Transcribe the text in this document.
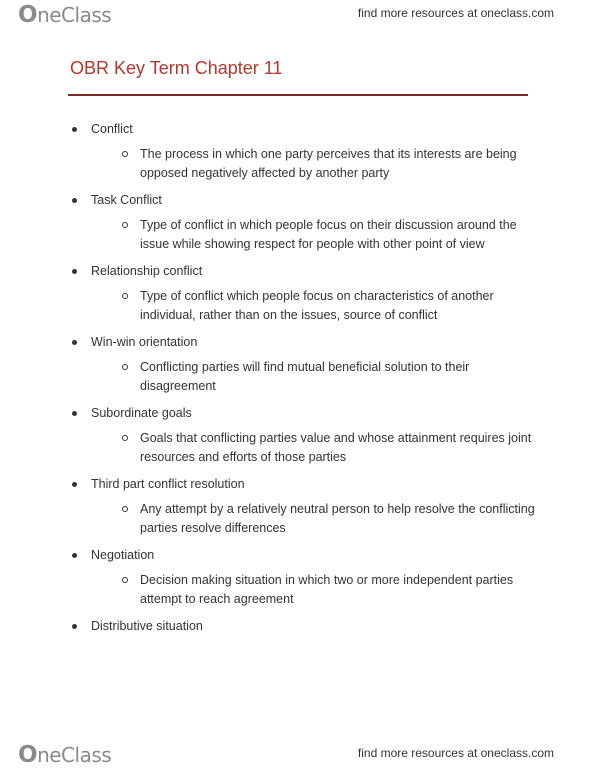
OneClass	find more resources at oneclass.com
OBR Key Term Chapter 11
Conflict
The process in which one party perceives that its interests are being opposed negatively affected by another party
Task Conflict
Type of conflict in which people focus on their discussion around the issue while showing respect for people with other point of view
Relationship conflict
Type of conflict which people focus on characteristics of another individual, rather than on the issues, source of conflict
Win-win orientation
Conflicting parties will find mutual beneficial solution to their disagreement
Subordinate goals
Goals that conflicting parties value and whose attainment requires joint resources and efforts of those parties
Third part conflict resolution
Any attempt by a relatively neutral person to help resolve the conflicting parties resolve differences
Negotiation
Decision making situation in which two or more independent parties attempt to reach agreement
Distributive situation
OneClass	find more resources at oneclass.com
